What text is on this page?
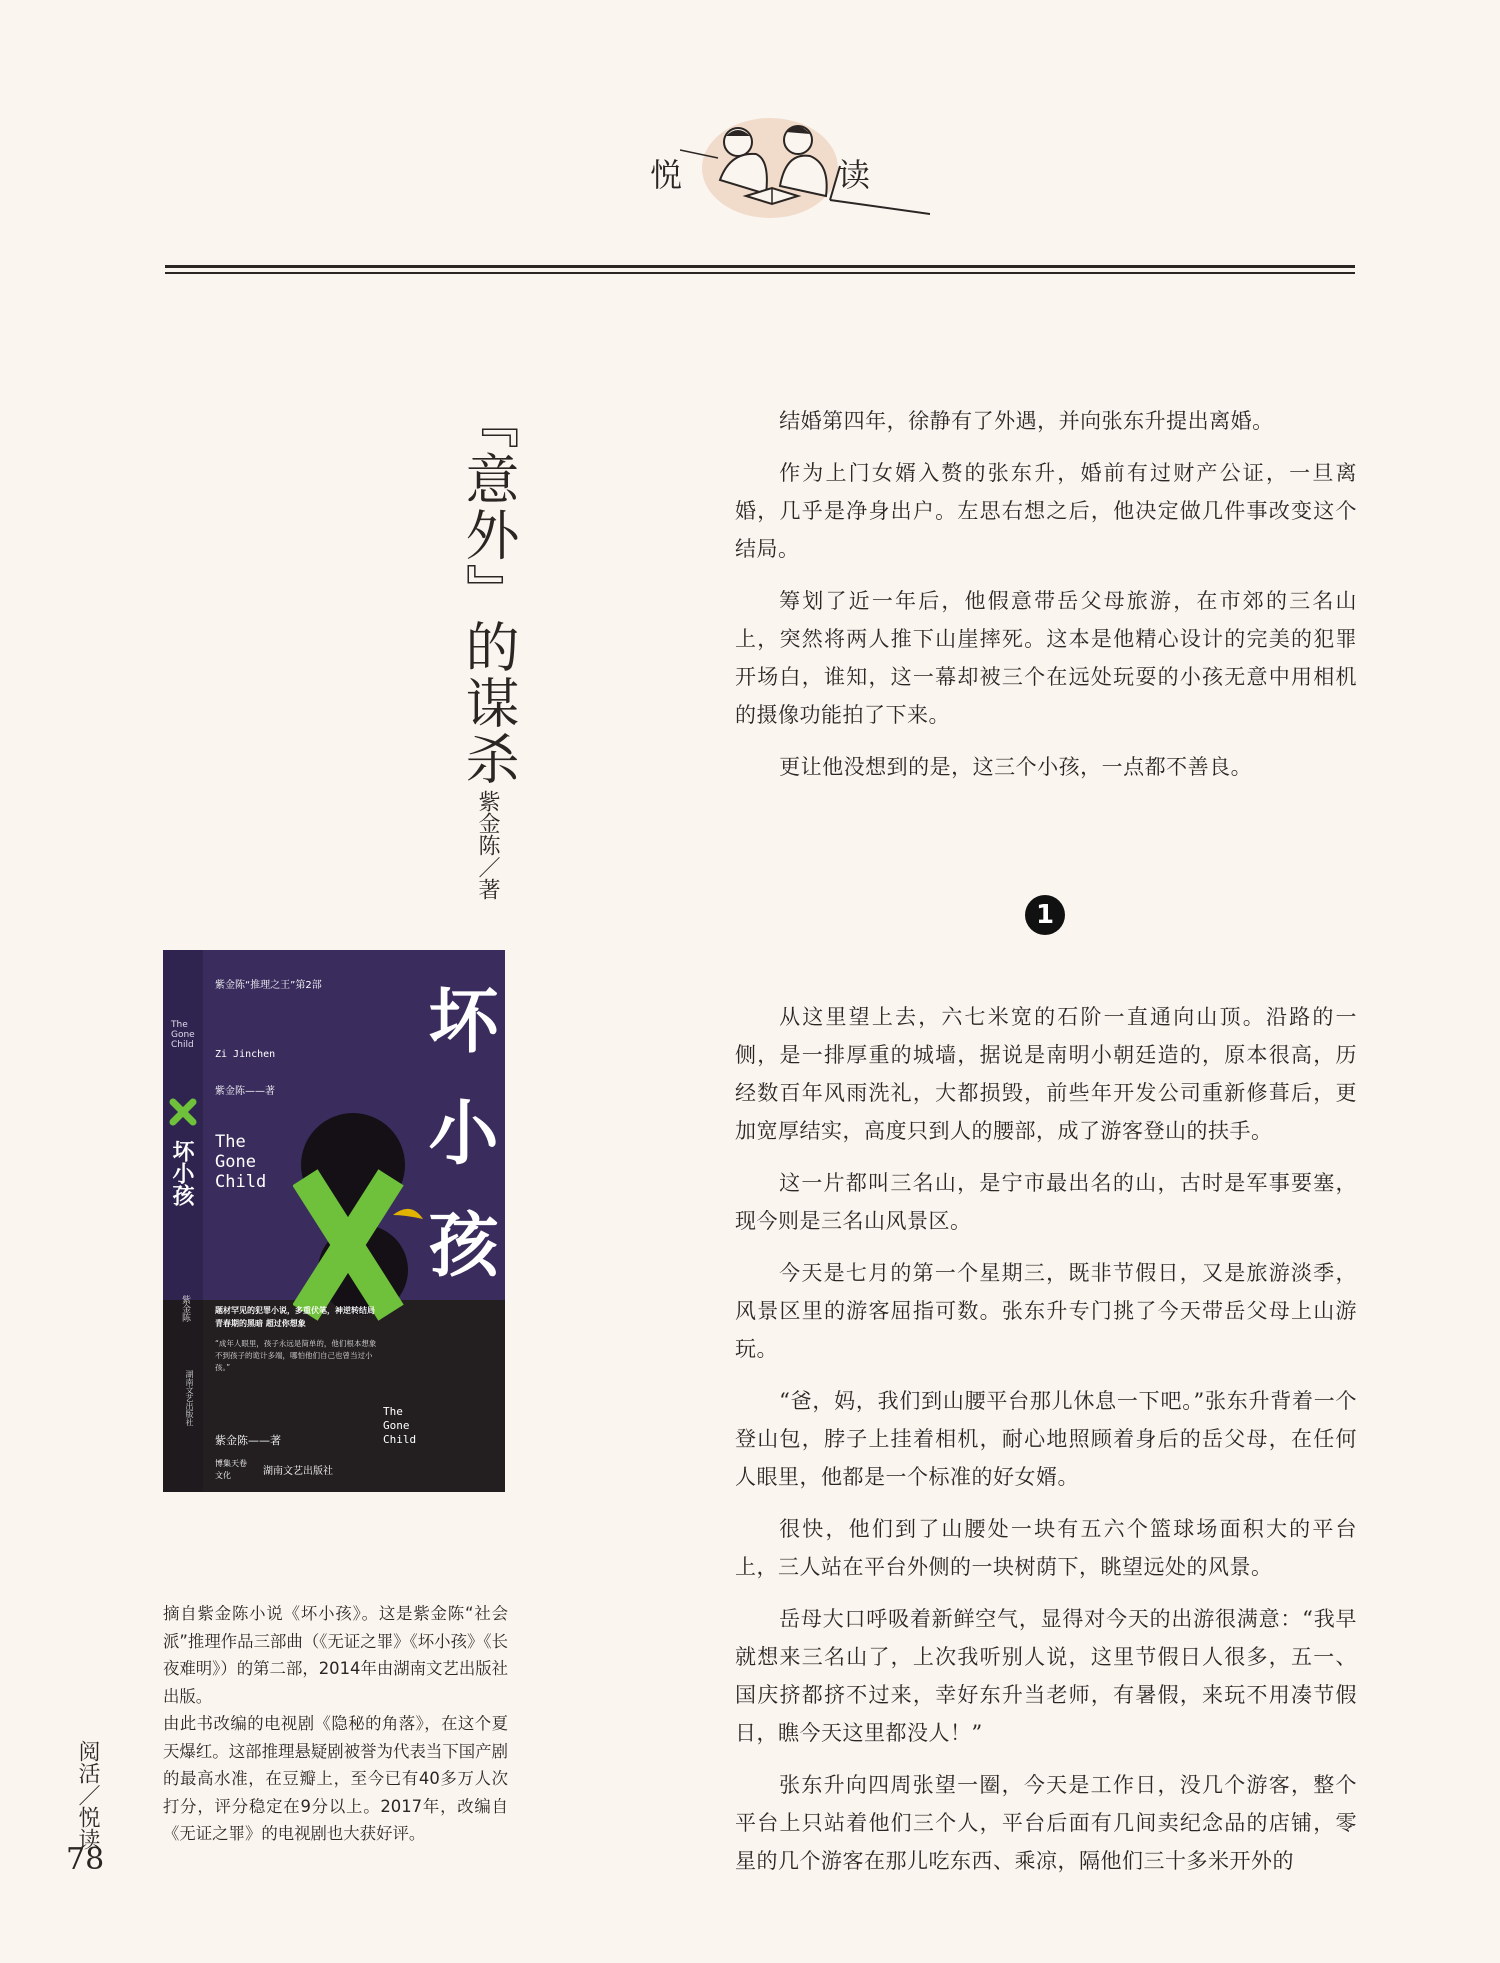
悦	读
『意外』的谋杀
紫金陈／著
The Gone Child
坏小孩
紫金陈
湖南文艺出版社
紫金陈“推理之王”第2部
Zi Jinchen
紫金陈——著
The Gone Child 坏小孩
题材罕见的犯罪小说，多重伏笔，神逆转结局
青春期的黑暗 超过你想象
“成年人眼里，孩子永远是简单的，他们根本想象不到孩子的诡计多端，哪怕他们自己也曾当过小孩。”
紫金陈——著
博集天卷
文化	湖南文艺出版社
The Gone Child

摘自紫金陈小说《坏小孩》。这是紫金陈“社会派”推理作品三部曲（《无证之罪》《坏小孩》《长夜难明》）的第二部，2014年由湖南文艺出版社出版。

由此书改编的电视剧《隐秘的角落》，在这个夏天爆红。这部推理悬疑剧被誉为代表当下国产剧的最高水准，在豆瓣上，至今已有40多万人次打分，评分稳定在9分以上。2017年，改编自《无证之罪》的电视剧也大获好评。

结婚第四年，徐静有了外遇，并向张东升提出离婚。

作为上门女婿入赘的张东升，婚前有过财产公证，一旦离婚，几乎是净身出户。左思右想之后，他决定做几件事改变这个结局。

筹划了近一年后，他假意带岳父母旅游，在市郊的三名山上，突然将两人推下山崖摔死。这本是他精心设计的完美的犯罪开场白，谁知，这一幕却被三个在远处玩耍的小孩无意中用相机的摄像功能拍了下来。

更让他没想到的是，这三个小孩，一点都不善良。

1

从这里望上去，六七米宽的石阶一直通向山顶。沿路的一侧，是一排厚重的城墙，据说是南明小朝廷造的，原本很高，历经数百年风雨洗礼，大都损毁，前些年开发公司重新修葺后，更加宽厚结实，高度只到人的腰部，成了游客登山的扶手。

这一片都叫三名山，是宁市最出名的山，古时是军事要塞，现今则是三名山风景区。

今天是七月的第一个星期三，既非节假日，又是旅游淡季，风景区里的游客屈指可数。张东升专门挑了今天带岳父母上山游玩。

“爸，妈，我们到山腰平台那儿休息一下吧。”张东升背着一个登山包，脖子上挂着相机，耐心地照顾着身后的岳父母，在任何人眼里，他都是一个标准的好女婿。

很快，他们到了山腰处一块有五六个篮球场面积大的平台上，三人站在平台外侧的一块树荫下，眺望远处的风景。

岳母大口呼吸着新鲜空气，显得对今天的出游很满意：“我早就想来三名山了，上次我听别人说，这里节假日人很多，五一、国庆挤都挤不过来，幸好东升当老师，有暑假，来玩不用凑节假日，瞧今天这里都没人！”

张东升向四周张望一圈，今天是工作日，没几个游客，整个平台上只站着他们三个人，平台后面有几间卖纪念品的店铺，零星的几个游客在那儿吃东西、乘凉，隔他们三十多米开外的

阅活／悦读
78
